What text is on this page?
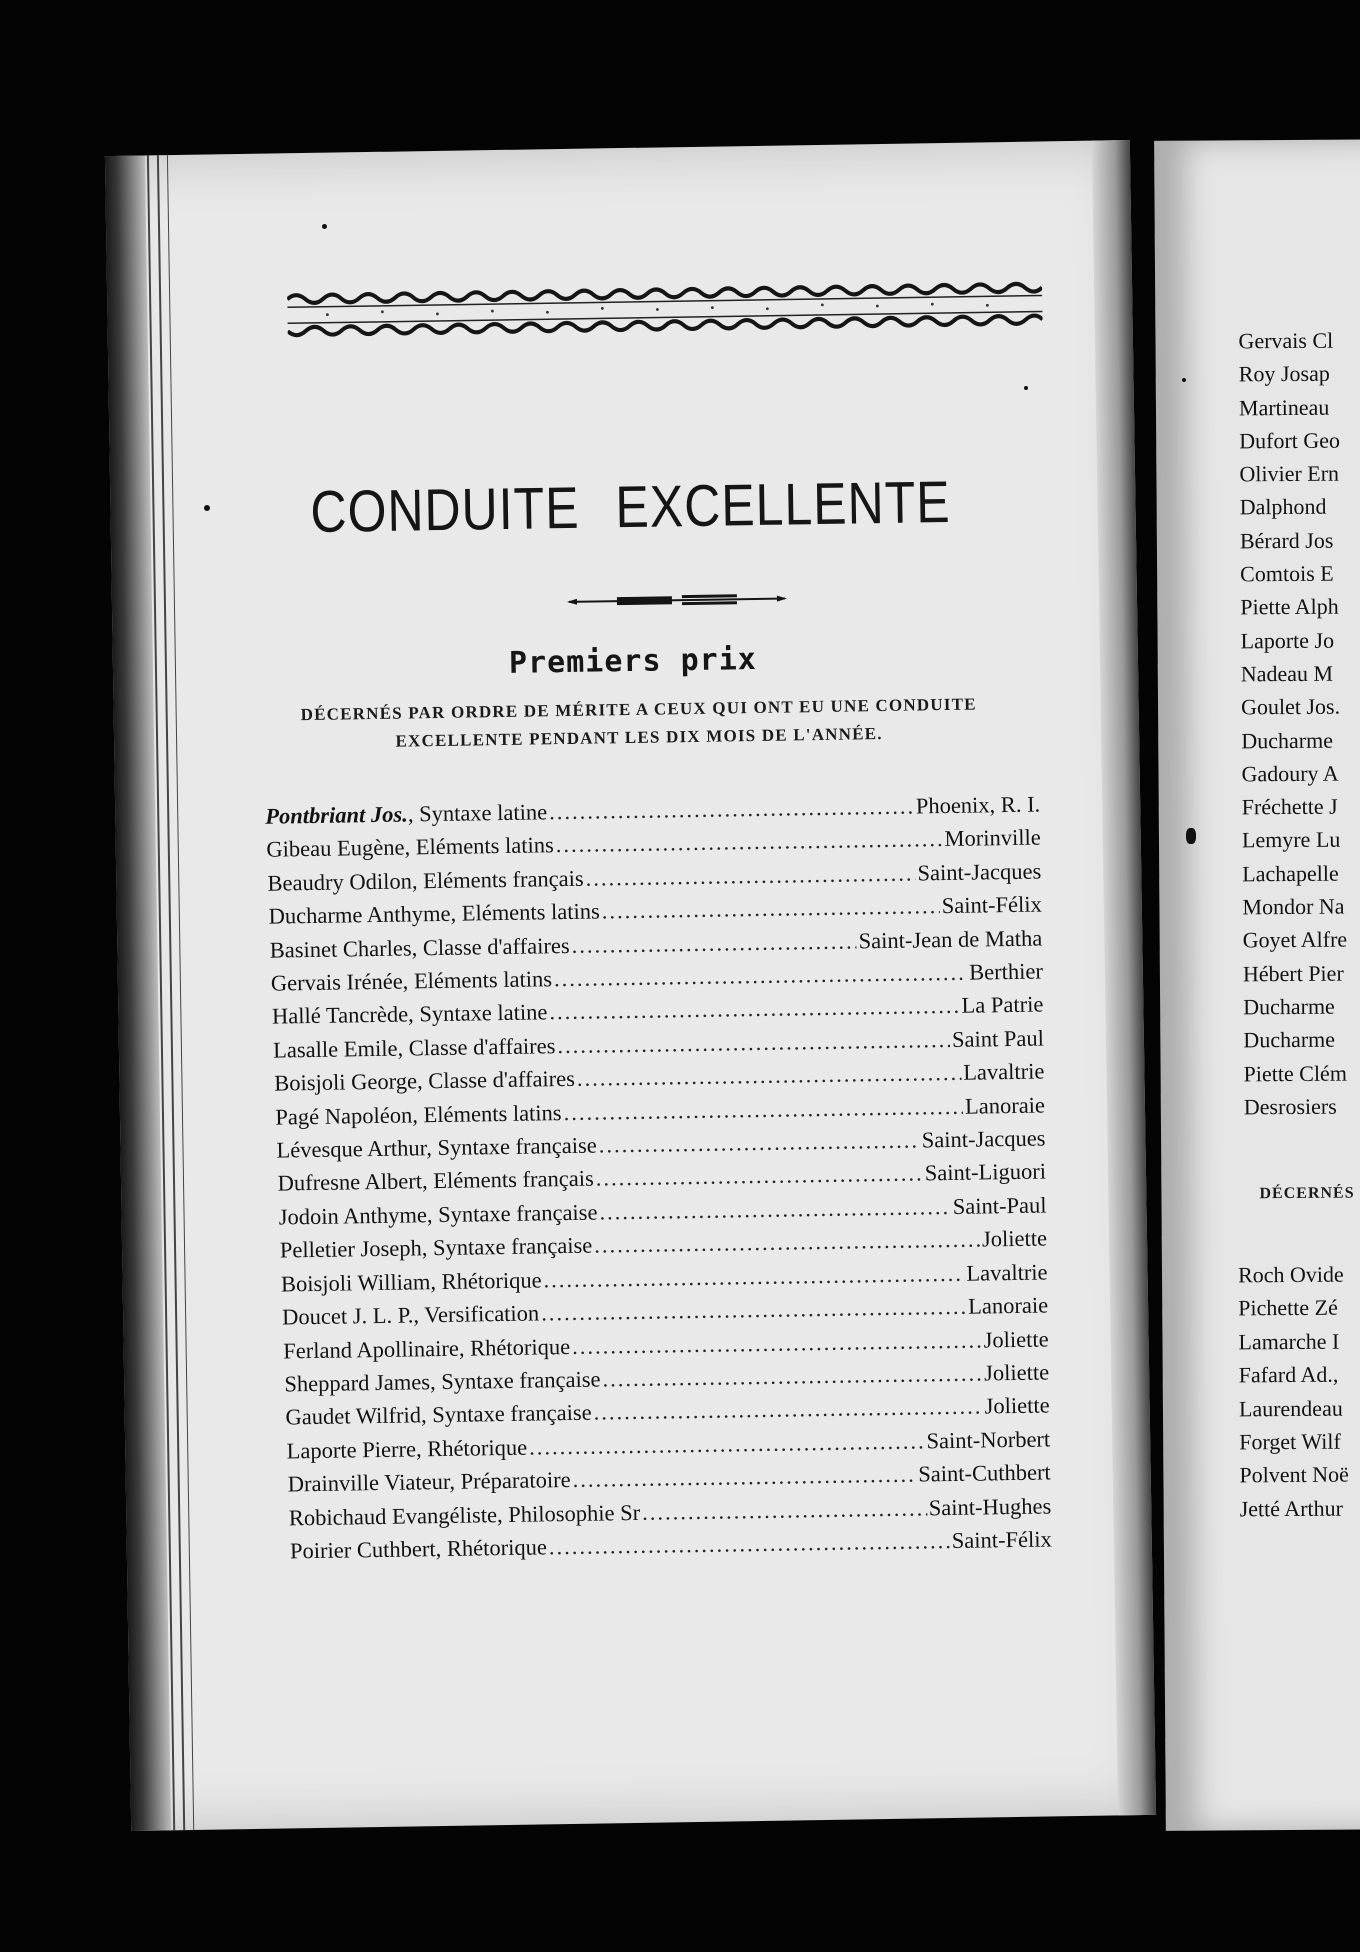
CONDUITE EXCELLENTE
Premiers prix
DÉCERNÉS PAR ORDRE DE MÉRITE A CEUX QUI ONT EU UNE CONDUITE
EXCELLENTE PENDANT LES DIX MOIS DE L'ANNÉE.
Pontbriant Jos., Syntaxe latine .....	Phoenix, R. I.
Gibeau Eugène, Eléments latins .....	Morinville
Beaudry Odilon, Eléments français .....	Saint-Jacques
Ducharme Anthyme, Eléments latins .....	Saint-Félix
Basinet Charles, Classe d'affaires .....	Saint-Jean de Matha
Gervais Irénée, Eléments latins .....	Berthier
Hallé Tancrède, Syntaxe latine .....	La Patrie
Lasalle Emile, Classe d'affaires .....	Saint Paul
Boisjoli George, Classe d'affaires .....	Lavaltrie
Pagé Napoléon, Eléments latins .....	Lanoraie
Lévesque Arthur, Syntaxe française .....	Saint-Jacques
Dufresne Albert, Eléments français .....	Saint-Liguori
Jodoin Anthyme, Syntaxe française .....	Saint-Paul
Pelletier Joseph, Syntaxe française .....	Joliette
Boisjoli William, Rhétorique .....	Lavaltrie
Doucet J. L. P., Versification .....	Lanoraie
Ferland Apollinaire, Rhétorique .....	Joliette
Sheppard James, Syntaxe française .....	Joliette
Gaudet Wilfrid, Syntaxe française .....	Joliette
Laporte Pierre, Rhétorique .....	Saint-Norbert
Drainville Viateur, Préparatoire .....	Saint-Cuthbert
Robichaud Evangéliste, Philosophie Sr .....	Saint-Hughes
Poirier Cuthbert, Rhétorique .....	Saint-Félix
Gervais Cl
Roy Josap
Martineau
Dufort Geo
Olivier Ern
Dalphond
Bérard Jos
Comtois E
Piette Alph
Laporte Jo
Nadeau M
Goulet Jos.
Ducharme
Gadoury A
Fréchette J
Lemyre Lu
Lachapelle
Mondor Na
Goyet Alfre
Hébert Pier
Ducharme
Ducharme
Piette Clém
Desrosiers
DÉCERNÉS
Roch Ovide
Pichette Zé
Lamarche I
Fafard Ad.,
Laurendeau
Forget Wilf
Polvent Noë
Jetté Arthur
